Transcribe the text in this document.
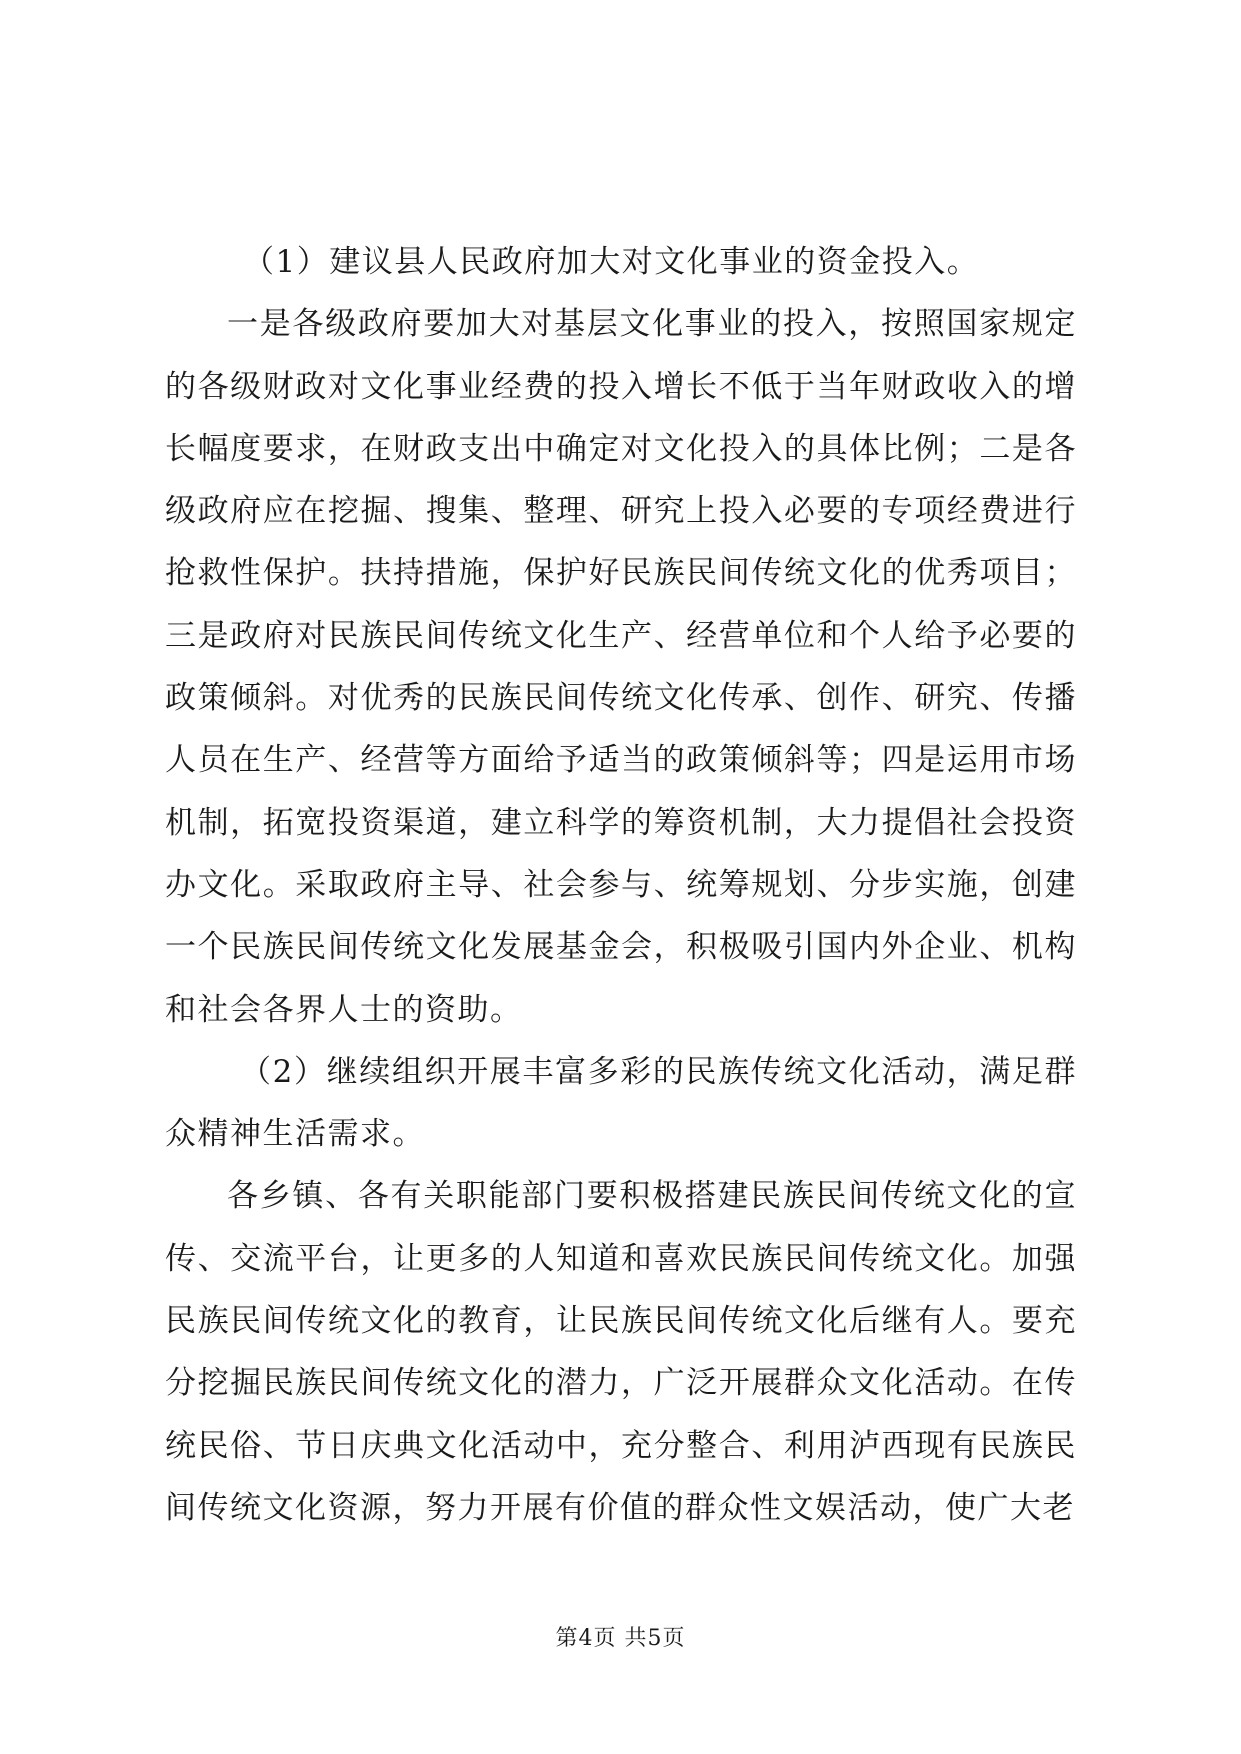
（1）建议县人民政府加大对文化事业的资金投入。

一是各级政府要加大对基层文化事业的投入，按照国家规定的各级财政对文化事业经费的投入增长不低于当年财政收入的增长幅度要求，在财政支出中确定对文化投入的具体比例；二是各级政府应在挖掘、搜集、整理、研究上投入必要的专项经费进行抢救性保护。扶持措施，保护好民族民间传统文化的优秀项目；三是政府对民族民间传统文化生产、经营单位和个人给予必要的政策倾斜。对优秀的民族民间传统文化传承、创作、研究、传播人员在生产、经营等方面给予适当的政策倾斜等；四是运用市场机制，拓宽投资渠道，建立科学的筹资机制，大力提倡社会投资办文化。采取政府主导、社会参与、统筹规划、分步实施，创建一个民族民间传统文化发展基金会，积极吸引国内外企业、机构和社会各界人士的资助。

（2）继续组织开展丰富多彩的民族传统文化活动，满足群众精神生活需求。

各乡镇、各有关职能部门要积极搭建民族民间传统文化的宣传、交流平台，让更多的人知道和喜欢民族民间传统文化。加强民族民间传统文化的教育，让民族民间传统文化后继有人。要充分挖掘民族民间传统文化的潜力，广泛开展群众文化活动。在传统民俗、节日庆典文化活动中，充分整合、利用泸西现有民族民间传统文化资源，努力开展有价值的群众性文娱活动，使广大老

第4页 共5页
